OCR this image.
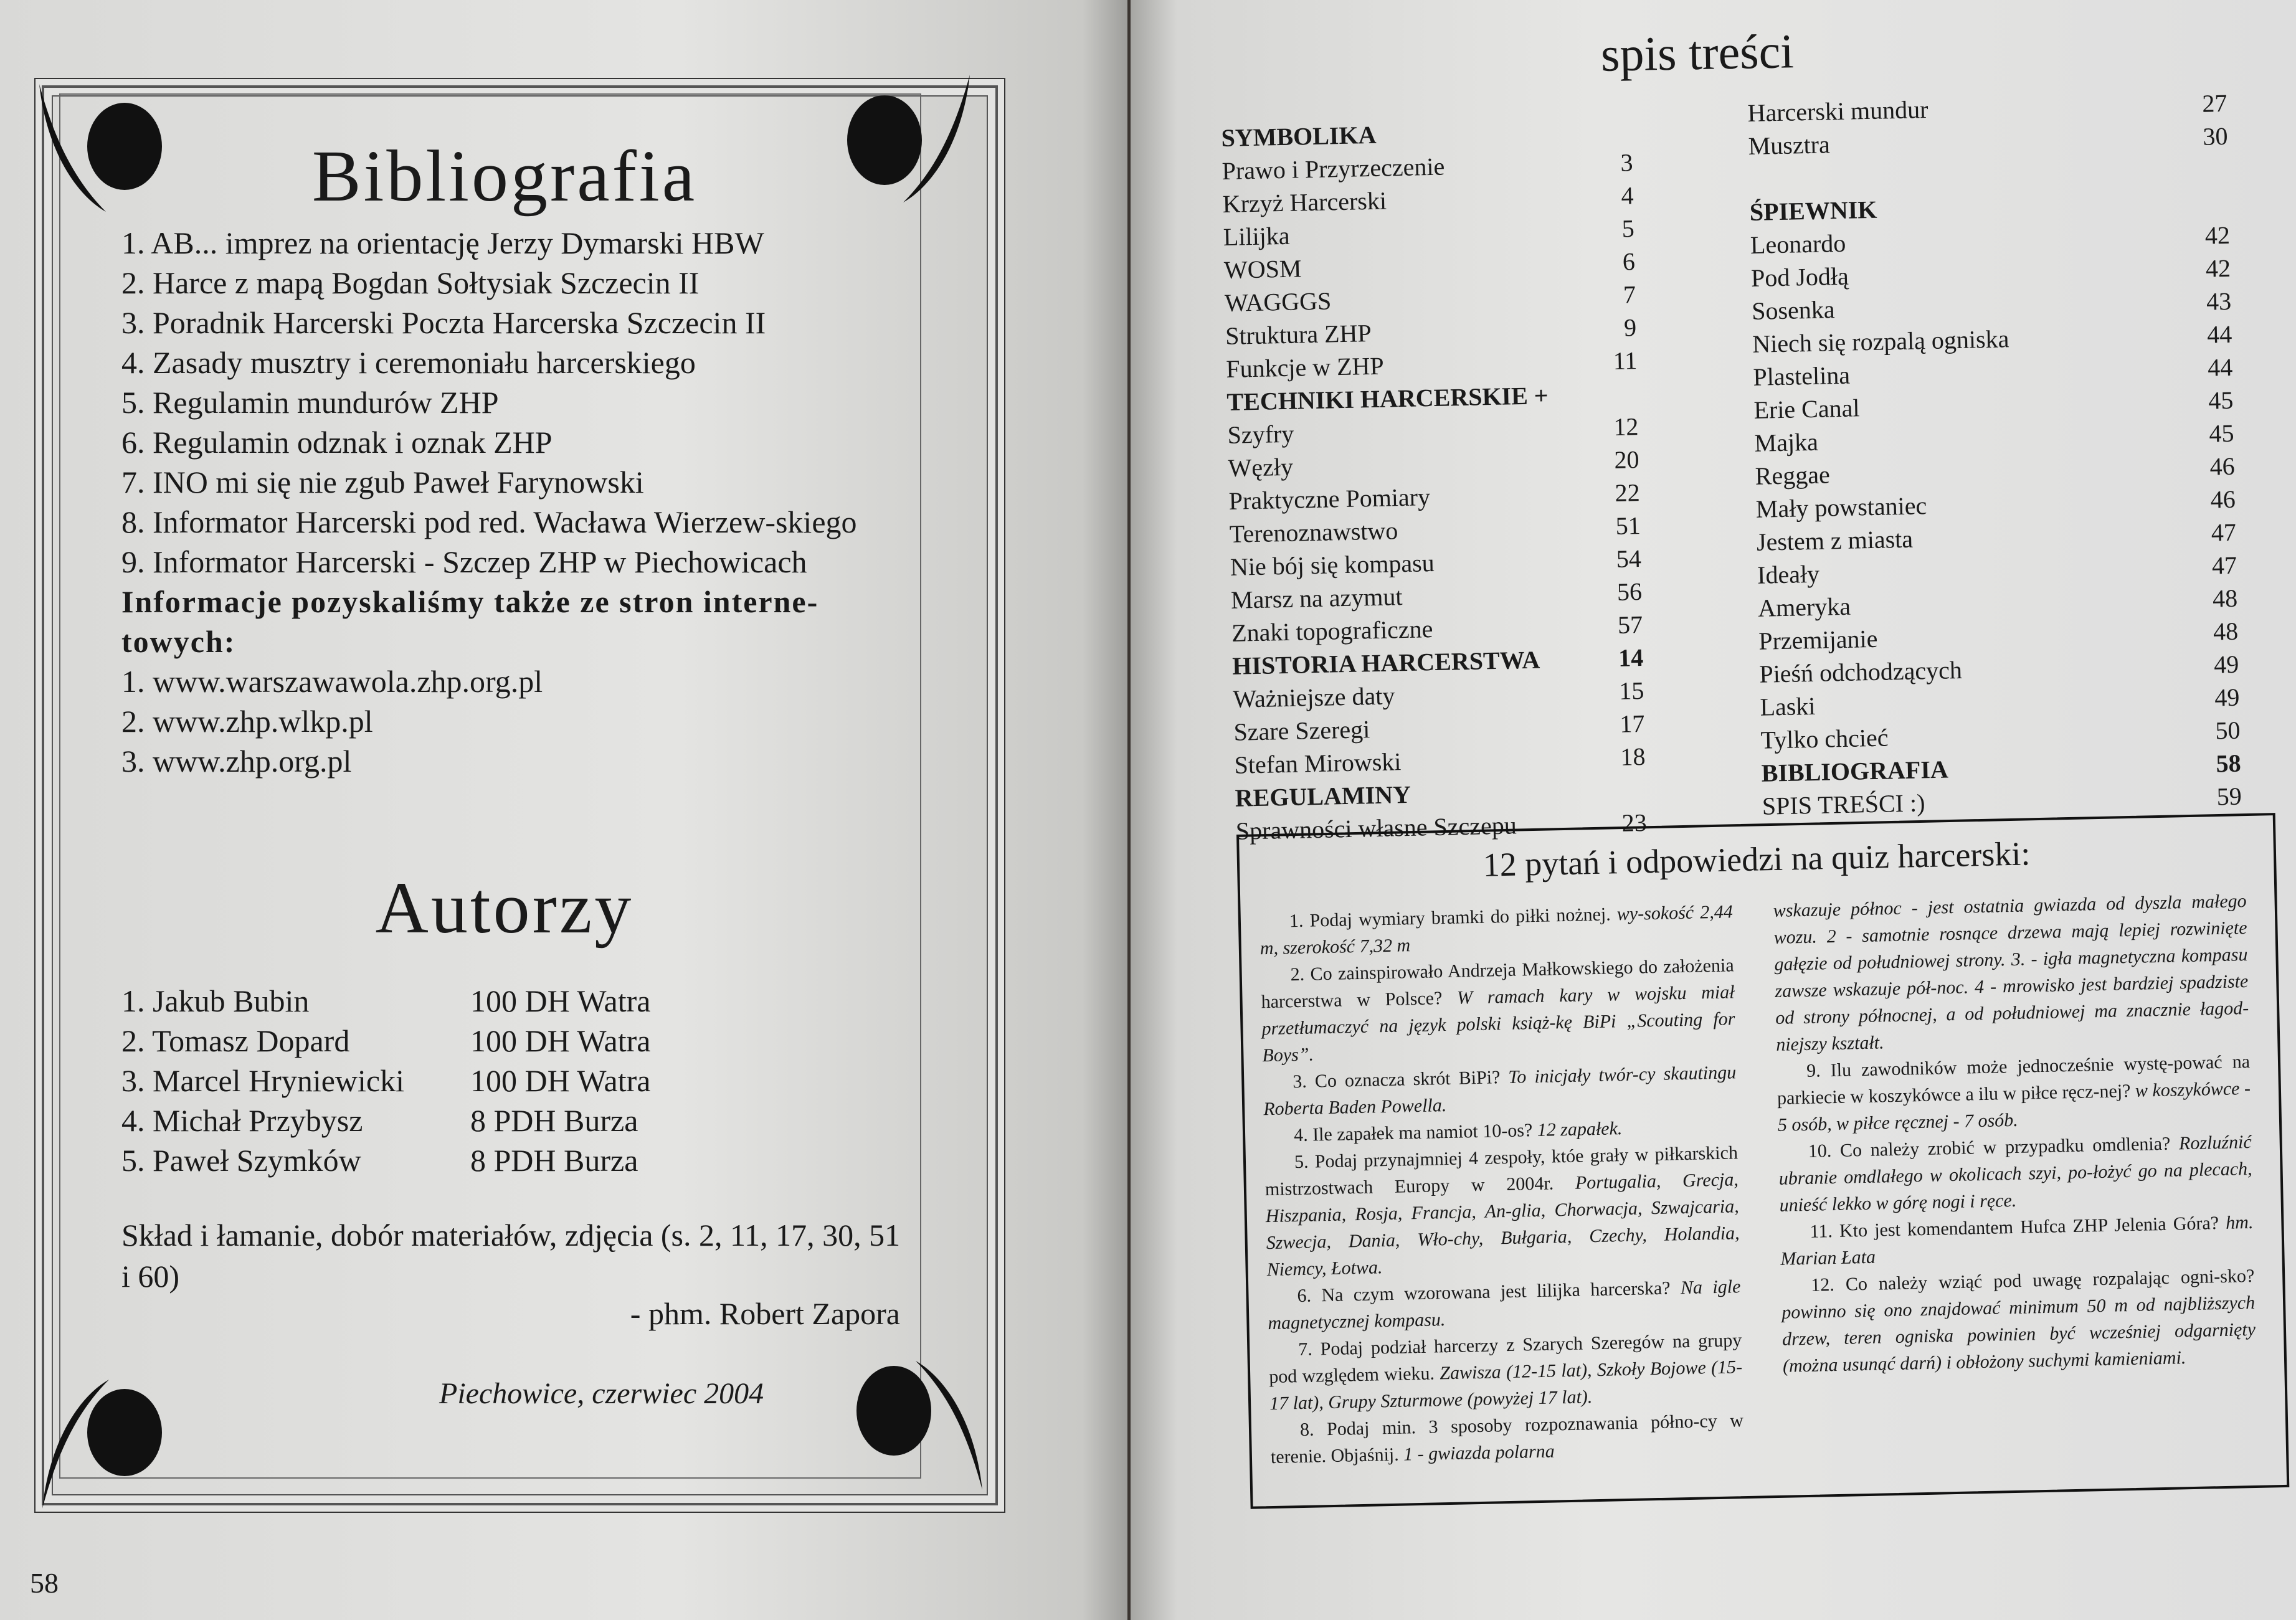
Bibliografia
1. AB... imprez na orientację Jerzy Dymarski HBW
2. Harce z mapą Bogdan Sołtysiak Szczecin II
3. Poradnik Harcerski Poczta Harcerska Szczecin II
4. Zasady musztry i ceremoniału harcerskiego
5. Regulamin mundurów ZHP
6. Regulamin odznak i oznak ZHP
7. INO mi się nie zgub Paweł Farynowski
8. Informator Harcerski pod red. Wacława Wierzew-skiego
9. Informator Harcerski - Szczep ZHP w Piechowicach
Informacje pozyskaliśmy także ze stron interne-towych:
1. www.warszawawola.zhp.org.pl
2. www.zhp.wlkp.pl
3. www.zhp.org.pl
Autorzy
1. Jakub Bubin	100 DH Watra
2. Tomasz Dopard	100 DH Watra
3. Marcel Hryniewicki	100 DH Watra
4. Michał Przybysz	8 PDH Burza
5. Paweł Szymków	8 PDH Burza
Skład i łamanie, dobór materiałów, zdjęcia (s. 2, 11, 17, 30, 51 i 60)
- phm. Robert Zapora
Piechowice, czerwiec 2004
58
spis treści
SYMBOLIKA
Prawo i Przyrzeczenie	3
Krzyż Harcerski	4
Lilijka	5
WOSM	6
WAGGGS	7
Struktura ZHP	9
Funkcje w ZHP	11
TECHNIKI HARCERSKIE +
Szyfry	12
Węzły	20
Praktyczne Pomiary	22
Terenoznawstwo	51
Nie bój się kompasu	54
Marsz na azymut	56
Znaki topograficzne	57
HISTORIA HARCERSTWA	14
Ważniejsze daty	15
Szare Szeregi	17
Stefan Mirowski	18
REGULAMINY
Sprawności własne Szczepu	23
Harcerski mundur	27
Musztra	30

ŚPIEWNIK
Leonardo	42
Pod Jodłą	42
Sosenka	43
Niech się rozpalą ogniska	44
Plastelina	44
Erie Canal	45
Majka	45
Reggae	46
Mały powstaniec	46
Jestem z miasta	47
Ideały	47
Ameryka	48
Przemijanie	48
Pieśń odchodzących	49
Laski	49
Tylko chcieć	50
BIBLIOGRAFIA	58
SPIS TREŚCI :)	59
12 pytań i odpowiedzi na quiz harcerski:

1. Podaj wymiary bramki do piłki nożnej. wy-sokość 2,44 m, szerokość 7,32 m

2. Co zainspirowało Andrzeja Małkowskiego do założenia harcerstwa w Polsce? W ramach kary w wojsku miał przetłumaczyć na język polski książ-kę BiPi „Scouting for Boys”.

3. Co oznacza skrót BiPi? To inicjały twór-cy skautingu Roberta Baden Powella.

4. Ile zapałek ma namiot 10-os? 12 zapałek.

5. Podaj przynajmniej 4 zespoły, któe grały w piłkarskich mistrzostwach Europy w 2004r. Portugalia, Grecja, Hiszpania, Rosja, Francja, An-glia, Chorwacja, Szwajcaria, Szwecja, Dania, Wło-chy, Bułgaria, Czechy, Holandia, Niemcy, Łotwa.

6. Na czym wzorowana jest lilijka harcerska? Na igle magnetycznej kompasu.

7. Podaj podział harcerzy z Szarych Szeregów na grupy pod względem wieku. Zawisza (12-15 lat), Szkoły Bojowe (15-17 lat), Grupy Szturmowe (powyżej 17 lat).

8. Podaj min. 3 sposoby rozpoznawania półno-cy w terenie. Objaśnij. 1 - gwiazda polarna

wskazuje północ - jest ostatnia gwiazda od dyszla małego wozu. 2 - samotnie rosnące drzewa mają lepiej rozwinięte gałęzie od południowej strony. 3. - igła magnetyczna kompasu zawsze wskazuje pół-noc. 4 - mrowisko jest bardziej spadziste od strony północnej, a od południowej ma znacznie łagod-niejszy kształt.

9. Ilu zawodników może jednocześnie wystę-pować na parkiecie w koszykówce a ilu w piłce ręcz-nej? w koszykówce - 5 osób, w piłce ręcznej - 7 osób.

10. Co należy zrobić w przypadku omdlenia? Rozluźnić ubranie omdlałego w okolicach szyi, po-łożyć go na plecach, unieść lekko w górę nogi i ręce.

11. Kto jest komendantem Hufca ZHP Jelenia Góra? hm. Marian Łata

12. Co należy wziąć pod uwagę rozpalając ogni-sko? powinno się ono znajdować minimum 50 m od najbliższych drzew, teren ogniska powinien być wcześniej odgarnięty (można usunąć darń) i obłożony suchymi kamieniami.
